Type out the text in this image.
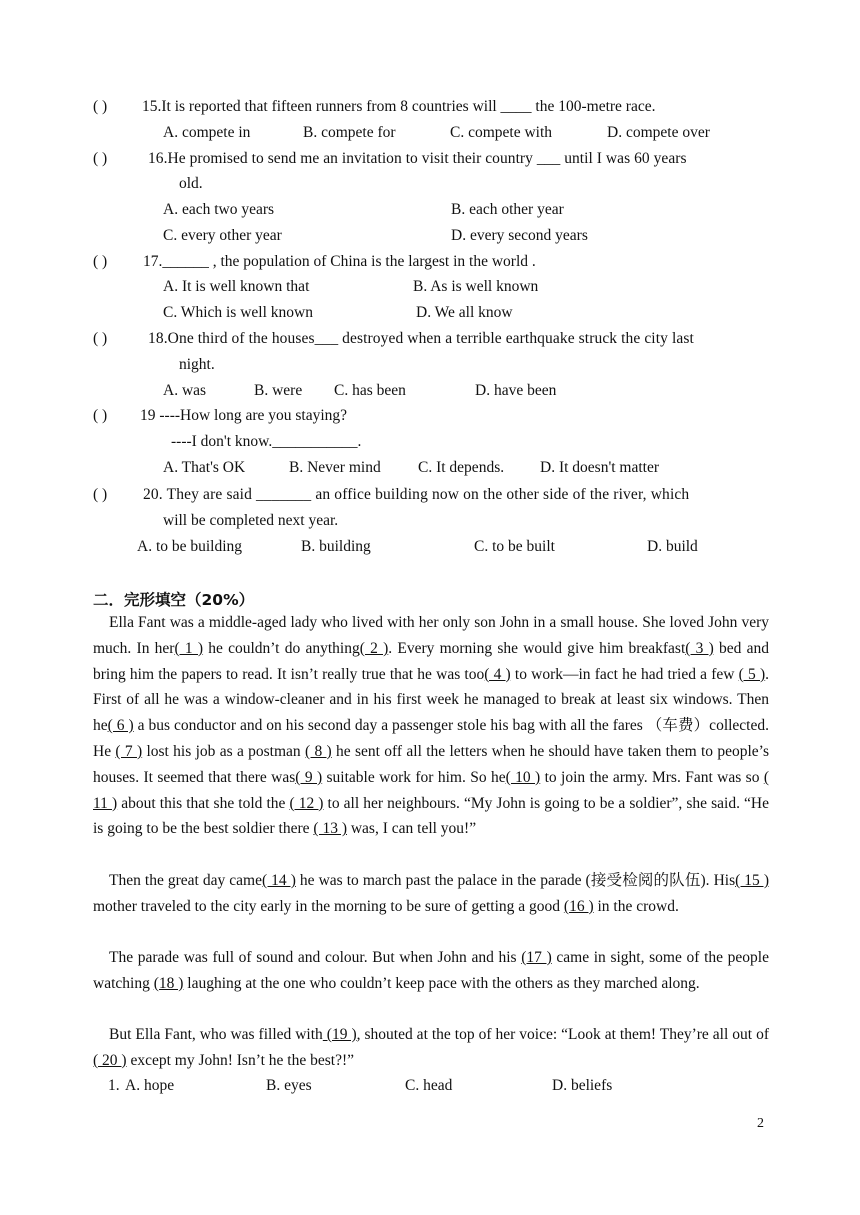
( ) 15.It is reported that fifteen runners from 8 countries will ____ the 100-metre race.
A. compete in	B. compete for	C. compete with	D. compete over
( )	16.He promised to send me an invitation to visit their country ___ until I was 60 years
old.
A. each two years	B. each other year
C. every other year	D. every second years
( ) 17.______ , the population of China is the largest in the world .
A. It is well known that	B. As is well known
C. Which is well known	D. We all know
( )	18.One third of the houses___ destroyed when a terrible earthquake struck the city last
night.
A. was	B. were C. has been	D. have been
( ) 19 ----How long are you staying?
----I don't know.___________.
A. That's OK	B. Never mind C. It depends. D. It doesn't matter
( ) 20. They are said _______ an office building now on the other side of the river, which
will be completed next year.
A. to be building	B. building	C. to be built	D. build
二．完形填空（20%）
Ella Fant was a middle-aged lady who lived with her only son John in a small house. She loved John very much. In her( 1 ) he couldn’t do anything( 2 ). Every morning she would give him breakfast( 3 ) bed and bring him the papers to read. It isn’t really true that he was too( 4 ) to work—in fact he had tried a few ( 5 ). First of all he was a window-cleaner and in his first week he managed to break at least six windows. Then he( 6 ) a bus conductor and on his second day a passenger stole his bag with all the fares （车费）collected. He ( 7 ) lost his job as a postman ( 8 ) he sent off all the letters when he should have taken them to people’s houses. It seemed that there was( 9 ) suitable work for him. So he( 10 ) to join the army. Mrs. Fant was so ( 11 ) about this that she told the ( 12 ) to all her neighbours. “My John is going to be a soldier”, she said. “He is going to be the best soldier there ( 13 ) was, I can tell you!”
Then the great day came( 14 ) he was to march past the palace in the parade (接受检阅的队伍). His( 15 ) mother traveled to the city early in the morning to be sure of getting a good (16 ) in the crowd.
The parade was full of sound and colour. But when John and his (17 ) came in sight, some of the people watching (18 ) laughing at the one who couldn’t keep pace with the others as they marched along.
But Ella Fant, who was filled with (19 ), shouted at the top of her voice: “Look at them! They’re all out of ( 20 ) except my John! Isn’t he the best?!”
1. A. hope	B. eyes	C. head	D. beliefs
2
